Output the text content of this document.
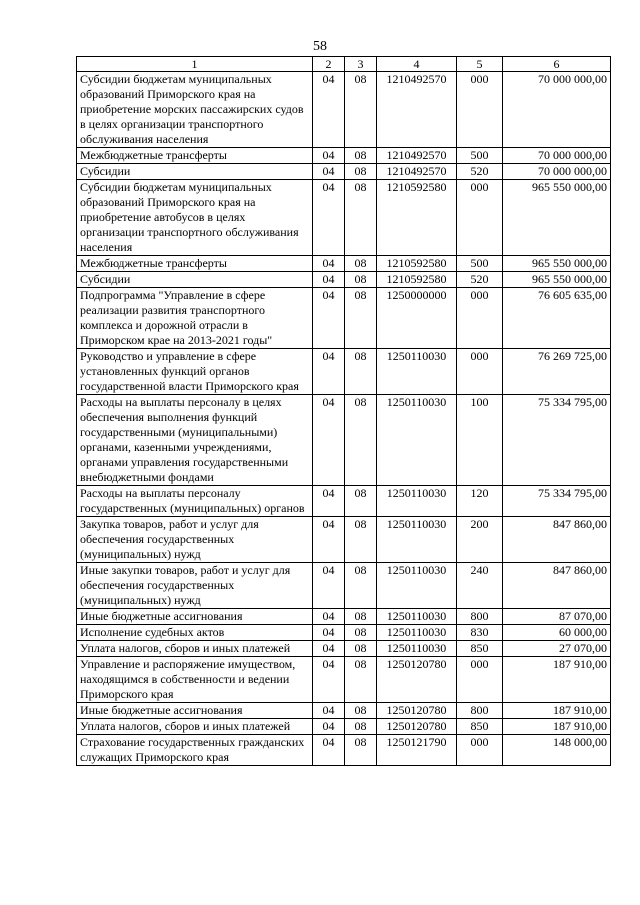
58
1	2	3	4	5	6
Субсидии бюджетам муниципальных образований Приморского края на приобретение морских пассажирских судов в целях организации транспортного обслуживания населения	04	08	1210492570	000	70 000 000,00
Межбюджетные трансферты	04	08	1210492570	500	70 000 000,00
Субсидии	04	08	1210492570	520	70 000 000,00
Субсидии бюджетам муниципальных образований Приморского края на приобретение автобусов в целях организации транспортного обслуживания населения	04	08	1210592580	000	965 550 000,00
Межбюджетные трансферты	04	08	1210592580	500	965 550 000,00
Субсидии	04	08	1210592580	520	965 550 000,00
Подпрограмма "Управление в сфере реализации развития транспортного комплекса и дорожной отрасли в Приморском крае на 2013-2021 годы"	04	08	1250000000	000	76 605 635,00
Руководство и управление в сфере установленных функций органов государственной власти Приморского края	04	08	1250110030	000	76 269 725,00
Расходы на выплаты персоналу в целях обеспечения выполнения функций государственными (муниципальными) органами, казенными учреждениями, органами управления государственными внебюджетными фондами	04	08	1250110030	100	75 334 795,00
Расходы на выплаты персоналу государственных (муниципальных) органов	04	08	1250110030	120	75 334 795,00
Закупка товаров, работ и услуг для обеспечения государственных (муниципальных) нужд	04	08	1250110030	200	847 860,00
Иные закупки товаров, работ и услуг для обеспечения государственных (муниципальных) нужд	04	08	1250110030	240	847 860,00
Иные бюджетные ассигнования	04	08	1250110030	800	87 070,00
Исполнение судебных актов	04	08	1250110030	830	60 000,00
Уплата налогов, сборов и иных платежей	04	08	1250110030	850	27 070,00
Управление и распоряжение имуществом, находящимся в собственности и ведении Приморского края	04	08	1250120780	000	187 910,00
Иные бюджетные ассигнования	04	08	1250120780	800	187 910,00
Уплата налогов, сборов и иных платежей	04	08	1250120780	850	187 910,00
Страхование государственных гражданских служащих Приморского края	04	08	1250121790	000	148 000,00
